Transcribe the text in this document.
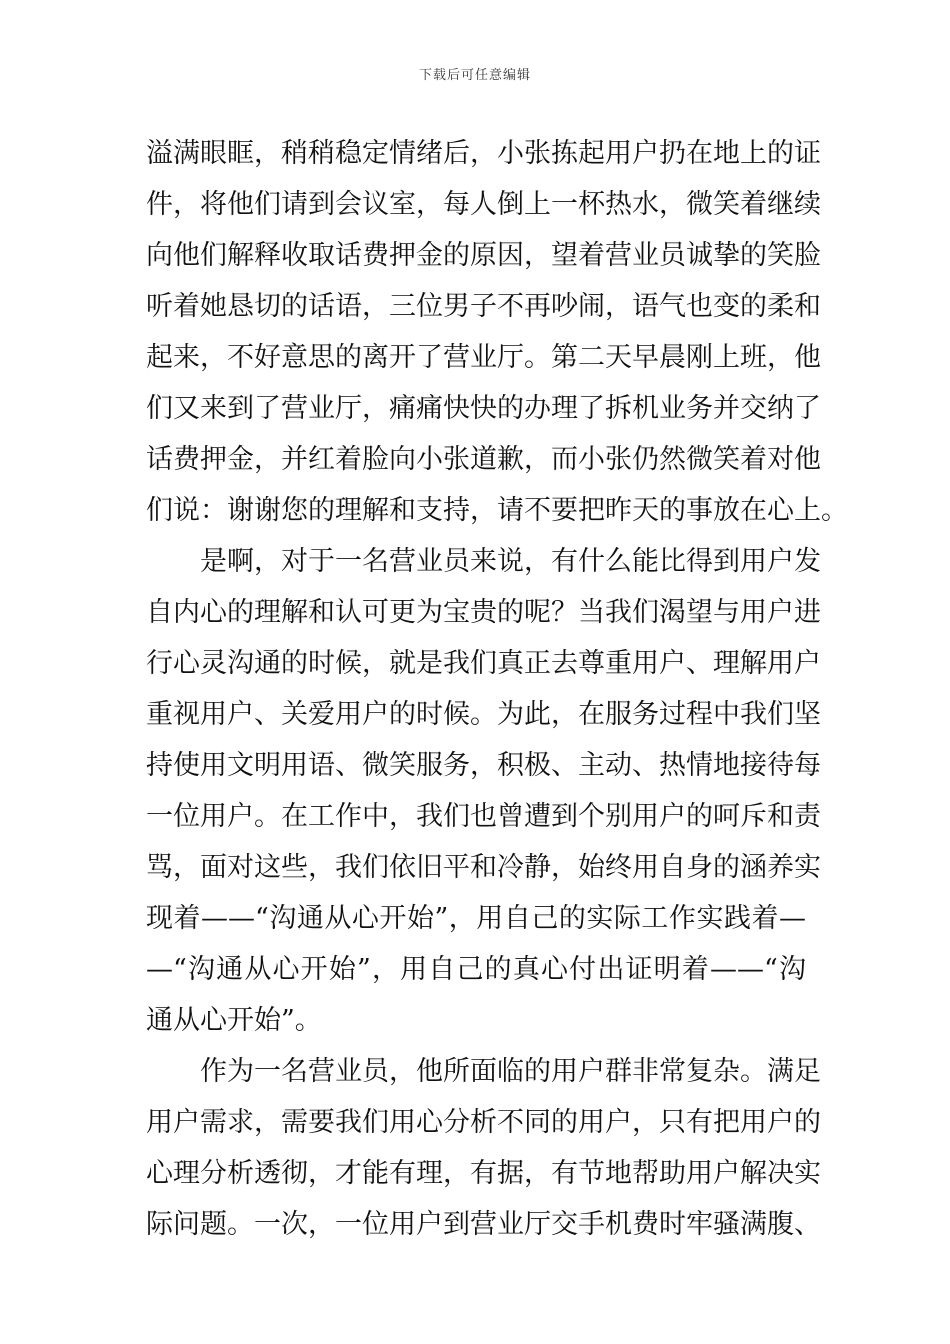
下载后可任意编辑
溢满眼眶，稍稍稳定情绪后，小张拣起用户扔在地上的证
件，将他们请到会议室，每人倒上一杯热水，微笑着继续
向他们解释收取话费押金的原因，望着营业员诚挚的笑脸
听着她恳切的话语，三位男子不再吵闹，语气也变的柔和
起来，不好意思的离开了营业厅。第二天早晨刚上班，他
们又来到了营业厅，痛痛快快的办理了拆机业务并交纳了
话费押金，并红着脸向小张道歉，而小张仍然微笑着对他
们说：谢谢您的理解和支持，请不要把昨天的事放在心上。
　　是啊，对于一名营业员来说，有什么能比得到用户发
自内心的理解和认可更为宝贵的呢？当我们渴望与用户进
行心灵沟通的时候，就是我们真正去尊重用户、理解用户
重视用户、关爱用户的时候。为此，在服务过程中我们坚
持使用文明用语、微笑服务，积极、主动、热情地接待每
一位用户。在工作中，我们也曾遭到个别用户的呵斥和责
骂，面对这些，我们依旧平和冷静，始终用自身的涵养实
现着——“沟通从心开始”，用自己的实际工作实践着—
—“沟通从心开始”，用自己的真心付出证明着——“沟
通从心开始”。
　　作为一名营业员，他所面临的用户群非常复杂。满足
用户需求，需要我们用心分析不同的用户，只有把用户的
心理分析透彻，才能有理，有据，有节地帮助用户解决实
际问题。一次，一位用户到营业厅交手机费时牢骚满腹、
